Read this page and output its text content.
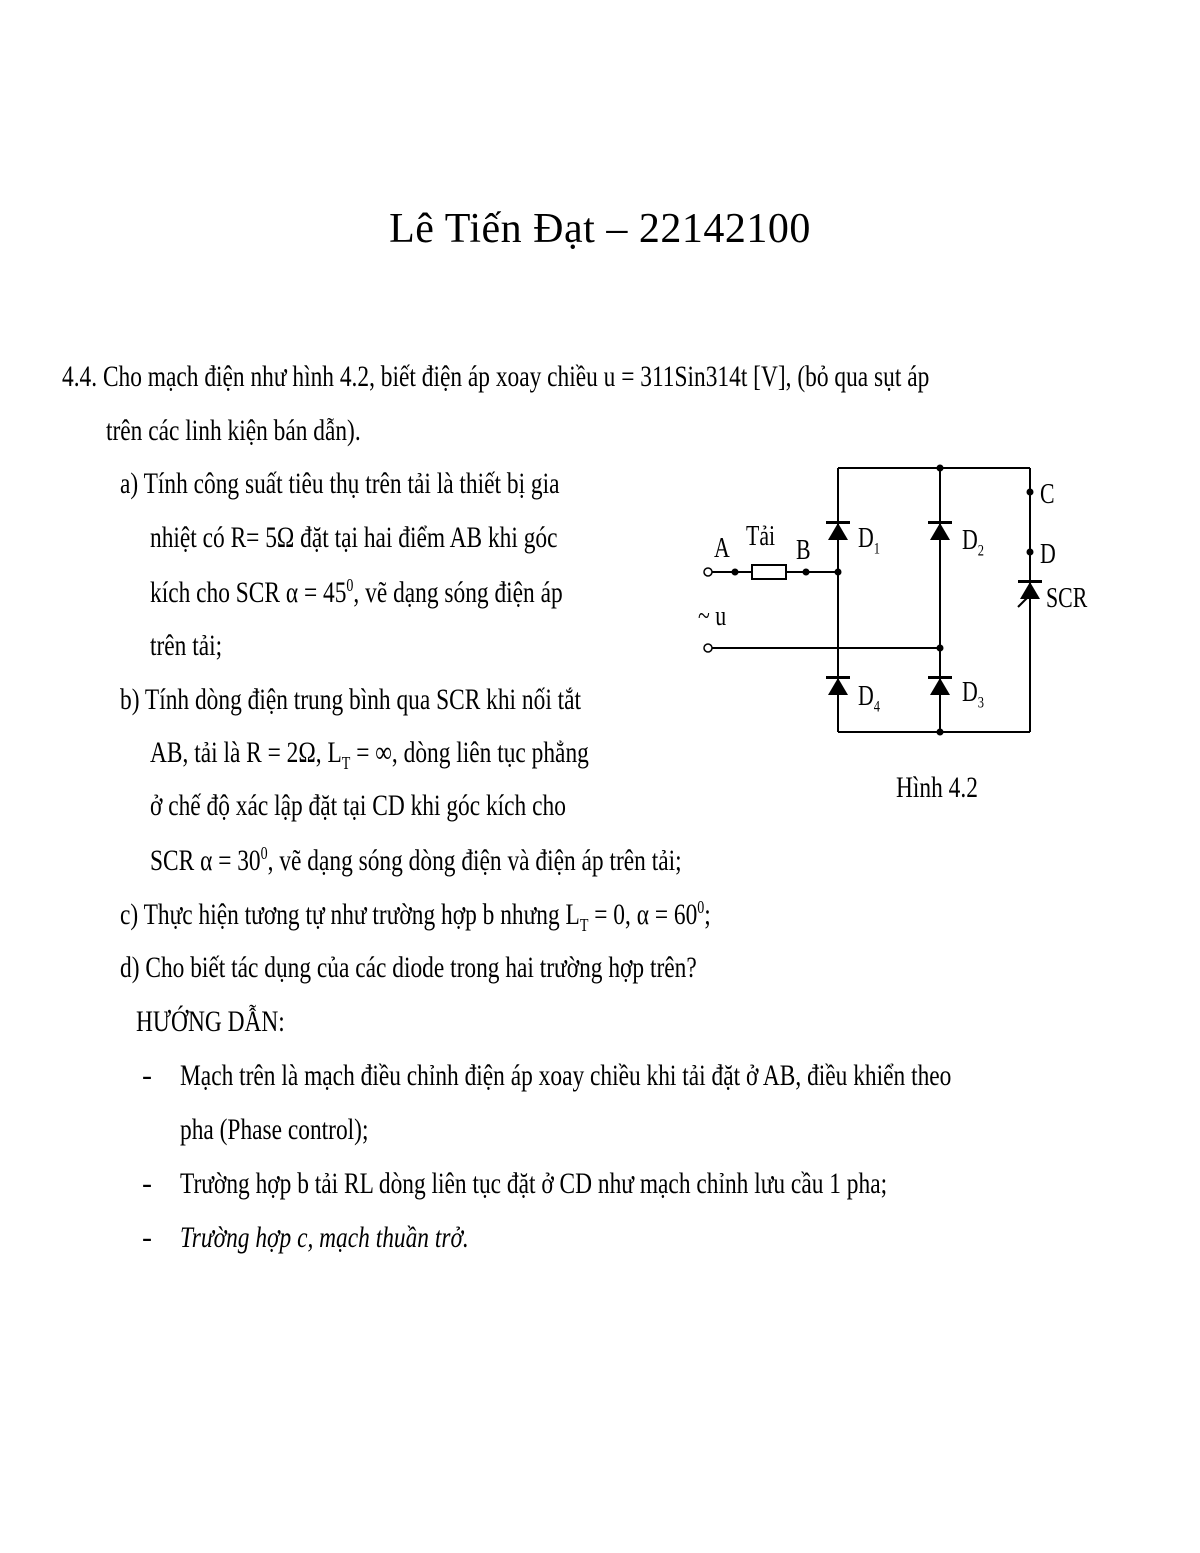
Lê Tiến Đạt – 22142100
4.4. Cho mạch điện như hình 4.2, biết điện áp xoay chiều u = 311Sin314t [V], (bỏ qua sụt áp
trên các linh kiện bán dẫn).
a) Tính công suất tiêu thụ trên tải là thiết bị gia
nhiệt có R= 5Ω đặt tại hai điểm AB khi góc
kích cho SCR $\alpha = 45^0$, vẽ dạng sóng điện áp
trên tải;
b) Tính dòng điện trung bình qua SCR khi nối tắt
AB, tải là R = 2Ω, $L_T$ = ∞, dòng liên tục phẳng
ở chế độ xác lập đặt tại CD khi góc kích cho
SCR $\alpha = 30^0$, vẽ dạng sóng dòng điện và điện áp trên tải;
c) Thực hiện tương tự như trường hợp b nhưng $L_T = 0$, $\alpha = 60^0$;
d) Cho biết tác dụng của các diode trong hai trường hợp trên?
HƯỚNG DẪN:
- Mạch trên là mạch điều chỉnh điện áp xoay chiều khi tải đặt ở AB, điều khiển theo
pha (Phase control);
- Trường hợp b tải RL dòng liên tục đặt ở CD như mạch chỉnh lưu cầu 1 pha;
- Trường hợp c, mạch thuần trở.
A Tải B
~ u
$D_1$	$D_2$
$D_4$	$D_3$
C
D
SCR
Hình 4.2
